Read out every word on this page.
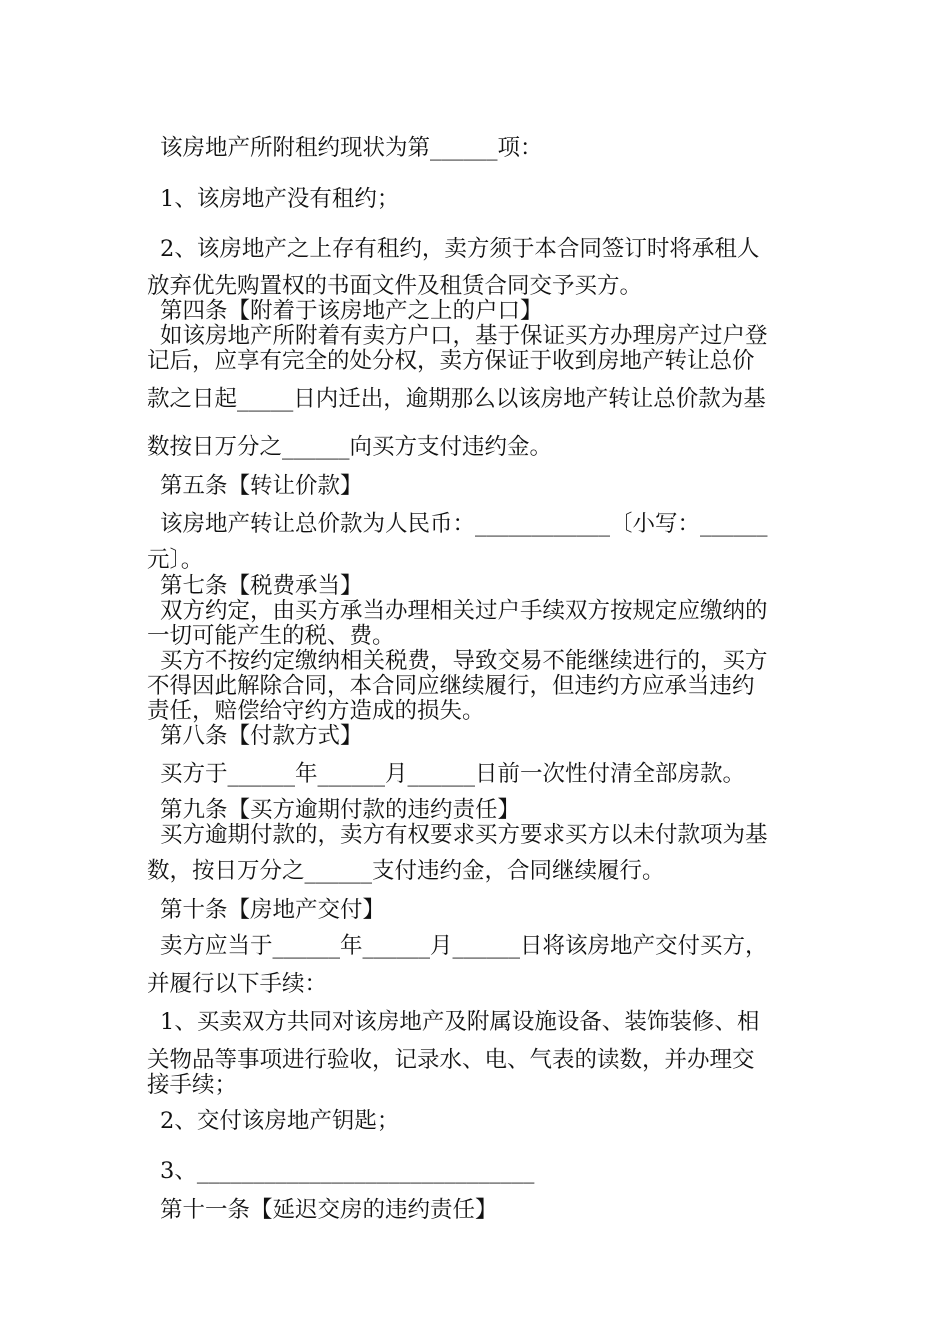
该房地产所附租约现状为第______项：

1、该房地产没有租约；

2、该房地产之上存有租约，卖方须于本合同签订时将承租人

放弃优先购置权的书面文件及租赁合同交予买方。

第四条【附着于该房地产之上的户口】

如该房地产所附着有卖方户口，基于保证买方办理房产过户登

记后，应享有完全的处分权，卖方保证于收到房地产转让总价

款之日起_____日内迁出，逾期那么以该房地产转让总价款为基

数按日万分之______向买方支付违约金。

第五条【转让价款】

该房地产转让总价款为人民币：____________〔小写：______

元〕。

第七条【税费承当】

双方约定，由买方承当办理相关过户手续双方按规定应缴纳的

一切可能产生的税、费。

买方不按约定缴纳相关税费，导致交易不能继续进行的，买方

不得因此解除合同，本合同应继续履行，但违约方应承当违约

责任，赔偿给守约方造成的损失。

第八条【付款方式】

买方于______年______月______日前一次性付清全部房款。

第九条【买方逾期付款的违约责任】

买方逾期付款的，卖方有权要求买方要求买方以未付款项为基

数，按日万分之______支付违约金，合同继续履行。

第十条【房地产交付】

卖方应当于______年______月______日将该房地产交付买方，

并履行以下手续：

1、买卖双方共同对该房地产及附属设施设备、装饰装修、相

关物品等事项进行验收，记录水、电、气表的读数，并办理交

接手续；

2、交付该房地产钥匙；

3、______________________________

第十一条【延迟交房的违约责任】
